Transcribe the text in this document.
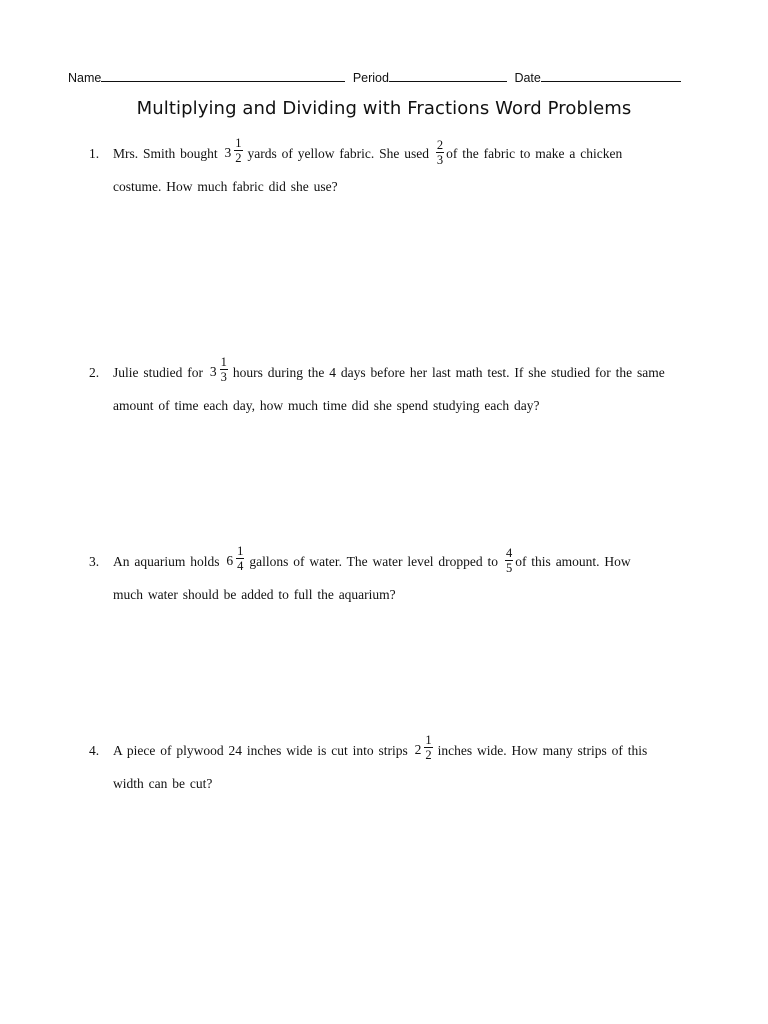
Name	Period	Date
Multiplying and Dividing with Fractions Word Problems
1.	Mrs. Smith bought $3 \frac{1}{2}$ yards of yellow fabric. She used $\frac{2}{3}$ of the fabric to make a chicken
costume. How much fabric did she use?
2.	Julie studied for $3 \frac{1}{3}$ hours during the 4 days before her last math test. If she studied for the same
amount of time each day, how much time did she spend studying each day?
3.	An aquarium holds $6 \frac{1}{4}$ gallons of water. The water level dropped to $\frac{4}{5}$ of this amount. How
much water should be added to full the aquarium?
4.	A piece of plywood 24 inches wide is cut into strips $2 \frac{1}{2}$ inches wide. How many strips of this
width can be cut?
